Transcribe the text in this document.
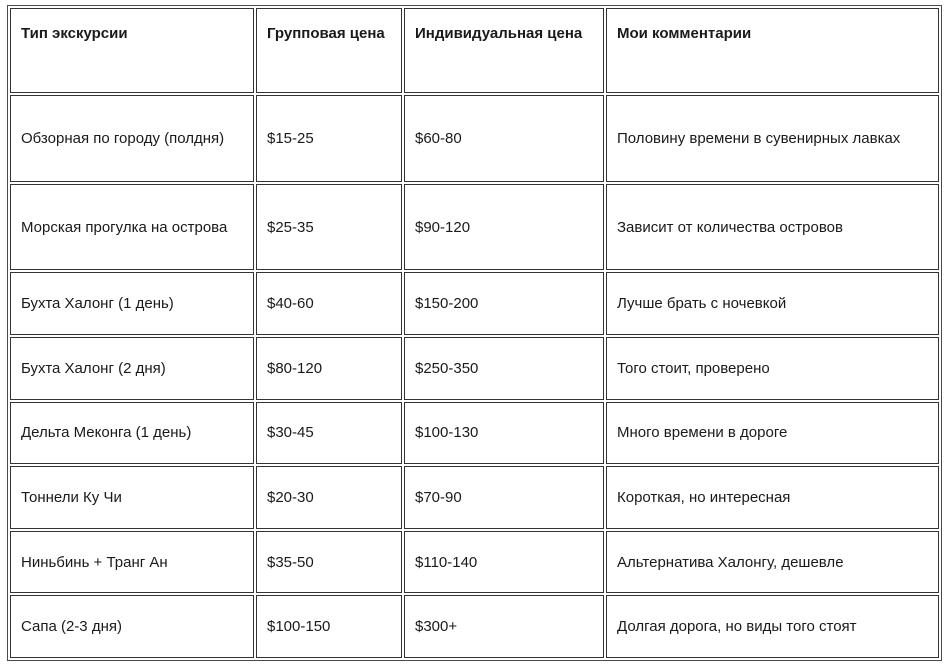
Тип экскурсии	Групповая цена	Индивидуальная цена	Мои комментарии
Обзорная по городу (полдня)	$15-25	$60-80	Половину времени в сувенирных лавках
Морская прогулка на острова	$25-35	$90-120	Зависит от количества островов
Бухта Халонг (1 день)	$40-60	$150-200	Лучше брать с ночевкой
Бухта Халонг (2 дня)	$80-120	$250-350	Того стоит, проверено
Дельта Меконга (1 день)	$30-45	$100-130	Много времени в дороге
Тоннели Ку Чи	$20-30	$70-90	Короткая, но интересная
Ниньбинь + Транг Ан	$35-50	$110-140	Альтернатива Халонгу, дешевле
Сапа (2-3 дня)	$100-150	$300+	Долгая дорога, но виды того стоят
